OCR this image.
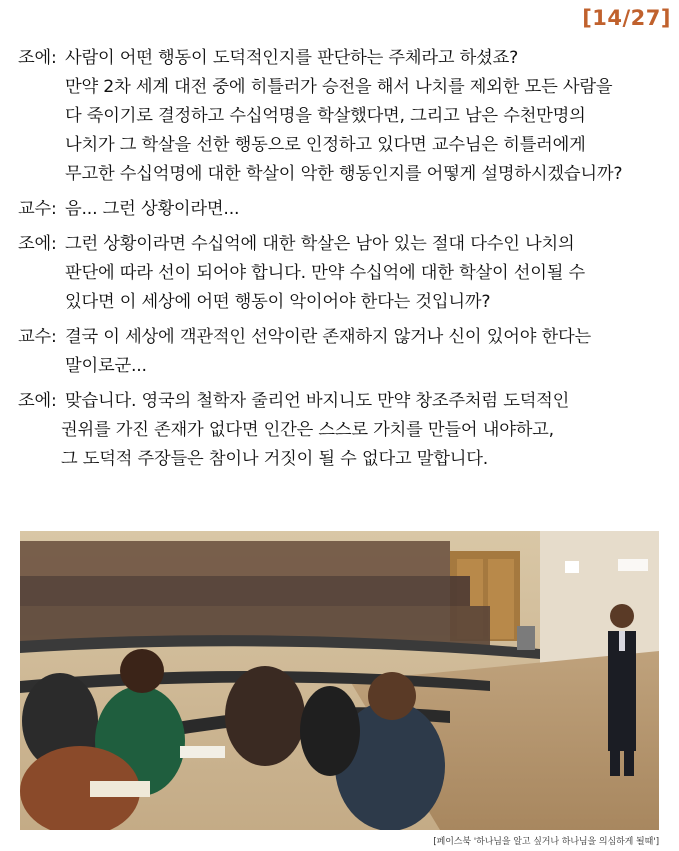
[14/27]
조에: 사람이 어떤 행동이 도덕적인지를 판단하는 주체라고 하셨죠?
만약 2차 세계 대전 중에 히틀러가 승전을 해서 나치를 제외한 모든 사람을
다 죽이기로 결정하고 수십억명을 학살했다면, 그리고 남은 수천만명의
나치가 그 학살을 선한 행동으로 인정하고 있다면 교수님은 히틀러에게
무고한 수십억명에 대한 학살이 악한 행동인지를 어떻게 설명하시겠습니까?
교수: 음... 그런 상황이라면...
조에: 그런 상황이라면 수십억에 대한 학살은 남아 있는 절대 다수인 나치의
판단에 따라 선이 되어야 합니다. 만약 수십억에 대한 학살이 선이될 수
있다면 이 세상에 어떤 행동이 악이어야 한다는 것입니까?
교수: 결국 이 세상에 객관적인 선악이란 존재하지 않거나 신이 있어야 한다는
말이로군...
조에: 맞습니다. 영국의 철학자 줄리언 바지니도 만약 창조주처럼 도덕적인
권위를 가진 존재가 없다면 인간은 스스로 가치를 만들어 내야하고,
그 도덕적 주장들은 참이나 거짓이 될 수 없다고 말합니다.
[페이스북 '하나님을 알고 싶거나 하나님을 의심하게 될때']
